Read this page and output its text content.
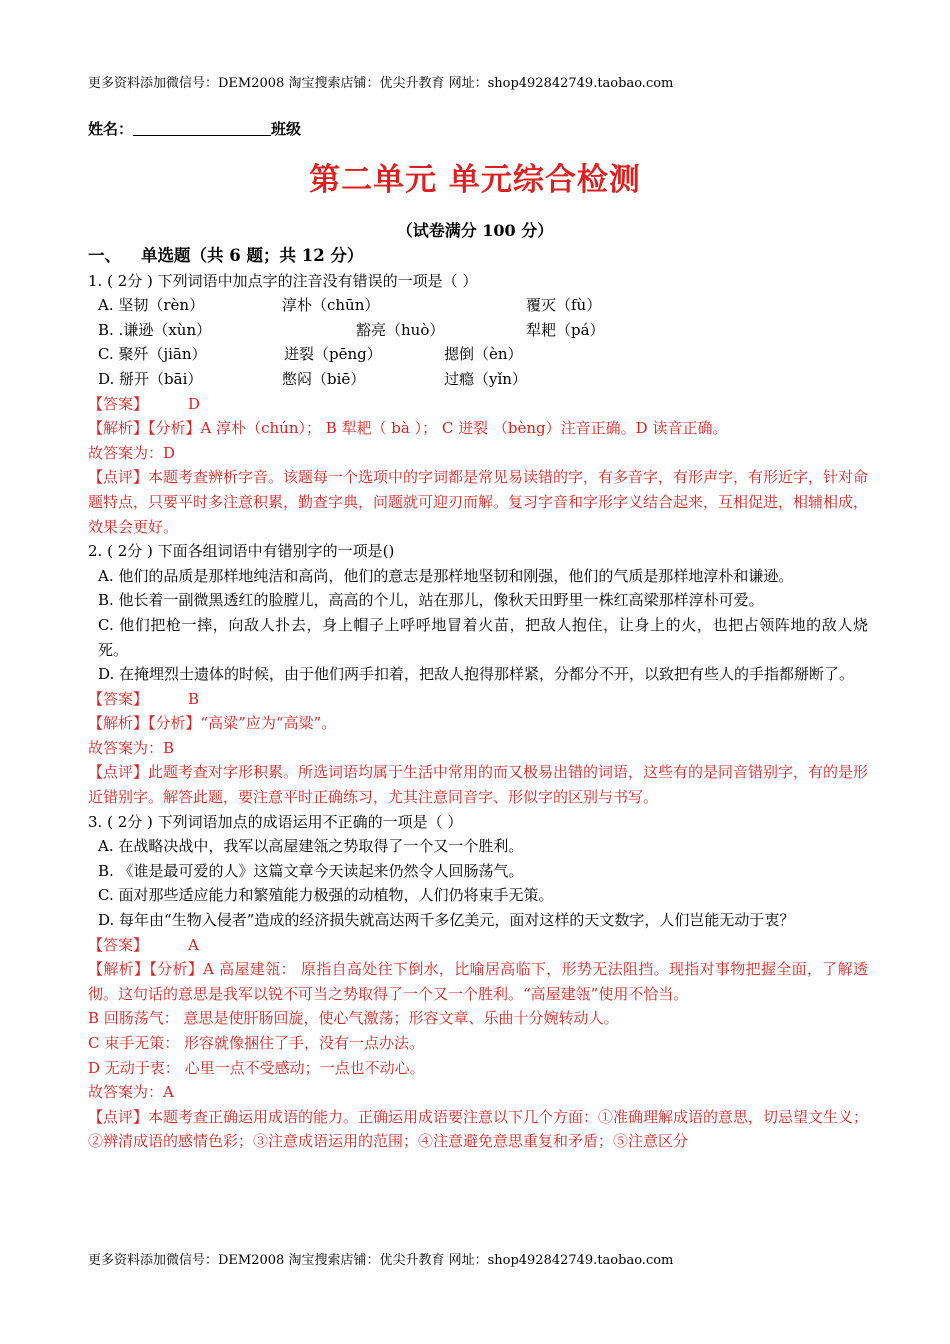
更多资料添加微信号：DEM2008 淘宝搜索店铺：优尖升教育 网址：shop492842749.taobao.com
姓名：	班级
第二单元 单元综合检测
（试卷满分 100 分）
一、 单选题（共 6 题；共 12 分）
1. ( 2分 ) 下列词语中加点字的注音没有错误的一项是（ ）
A. 坚韧（rèn）	淳朴（chūn）	覆灭（fù）
B. .谦逊（xùn）	豁亮（huò）	犁耙（pá）
C. 聚歼（jiān）	迸裂（pēng）	摁倒（èn）
D. 掰开（bāi）	憋闷（biē）	过瘾（yǐn）
【答案】	D
【解析】【分析】A 淳朴（chún）； B 犁耙（ bà ）； C 迸裂 （bèng）注音正确。D 读音正确。
故答案为：D
【点评】本题考查辨析字音。该题每一个选项中的字词都是常见易读错的字，有多音字，有形声字，有形近字，针对命题特点，只要平时多注意积累，勤查字典，问题就可迎刃而解。复习字音和字形字义结合起来，互相促进，相辅相成，效果会更好。
2. ( 2分 ) 下面各组词语中有错别字的一项是()
A. 他们的品质是那样地纯洁和高尚，他们的意志是那样地坚韧和刚强，他们的气质是那样地淳朴和谦逊。
B. 他长着一副微黑透红的脸膛儿，高高的个儿，站在那儿，像秋天田野里一株红高梁那样淳朴可爱。
C. 他们把枪一摔，向敌人扑去，身上帽子上呼呼地冒着火苗，把敌人抱住，让身上的火，也把占领阵地的敌人烧死。
D. 在掩埋烈士遗体的时候，由于他们两手扣着，把敌人抱得那样紧，分都分不开，以致把有些人的手指都掰断了。
【答案】	B
【解析】【分析】“高粱”应为“高粱”。
故答案为：B
【点评】此题考查对字形积累。所选词语均属于生活中常用的而又极易出错的词语，这些有的是同音错别字，有的是形近错别字。解答此题，要注意平时正确练习，尤其注意同音字、形似字的区别与书写。
3. ( 2分 ) 下列词语加点的成语运用不正确的一项是（ ）
A. 在战略决战中，我军以高屋建瓴之势取得了一个又一个胜利。
B. 《谁是最可爱的人》这篇文章今天读起来仍然令人回肠荡气。
C. 面对那些适应能力和繁殖能力极强的动植物，人们仍将束手无策。
D. 每年由“生物入侵者”造成的经济损失就高达两千多亿美元，面对这样的天文数字，人们岂能无动于衷？
【答案】	A
【解析】【分析】A 高屋建瓴： 原指自高处往下倒水，比喻居高临下，形势无法阻挡。现指对事物把握全面，了解透彻。这句话的意思是我军以锐不可当之势取得了一个又一个胜利。“高屋建瓴”使用不恰当。
B 回肠荡气： 意思是使肝肠回旋，使心气激荡；形容文章、乐曲十分婉转动人。
C 束手无策： 形容就像捆住了手，没有一点办法。
D 无动于衷： 心里一点不受感动；一点也不动心。
故答案为：A
【点评】本题考查正确运用成语的能力。正确运用成语要注意以下几个方面：①准确理解成语的意思，切忌望文生义；②辨清成语的感情色彩；③注意成语运用的范围；④注意避免意思重复和矛盾；⑤注意区分
更多资料添加微信号：DEM2008 淘宝搜索店铺：优尖升教育 网址：shop492842749.taobao.com
